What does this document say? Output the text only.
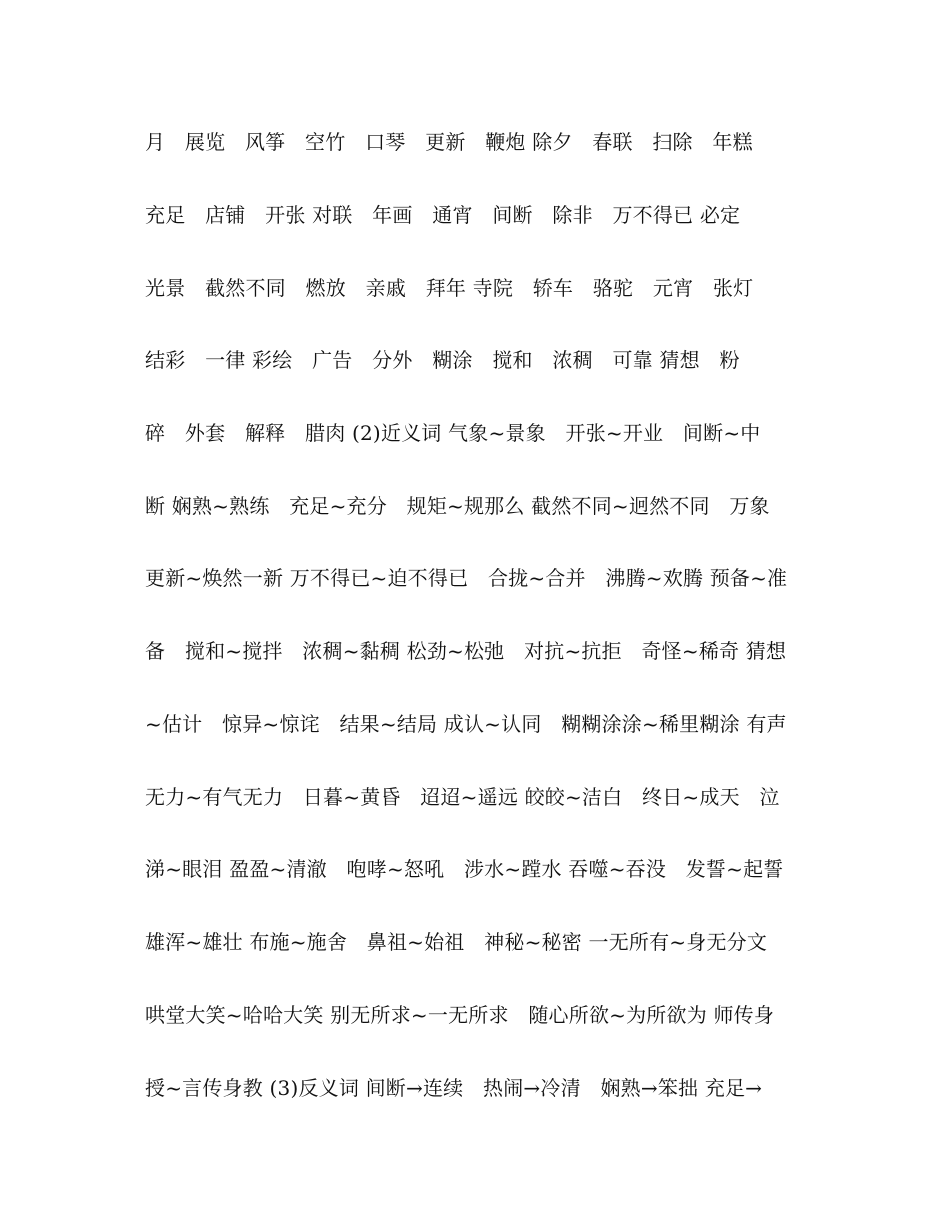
月   展览   风筝   空竹   口琴   更新   鞭炮 除夕   春联   扫除   年糕
充足   店铺   开张 对联   年画   通宵   间断   除非   万不得已 必定
光景   截然不同   燃放   亲戚   拜年 寺院   轿车   骆驼   元宵   张灯
结彩   一律 彩绘   广告   分外   糊涂   搅和   浓稠   可靠 猜想   粉
碎   外套   解释   腊肉 (2)近义词 气象~景象   开张~开业   间断~中
断 娴熟~熟练   充足~充分   规矩~规那么 截然不同~迥然不同   万象
更新~焕然一新 万不得已~迫不得已   合拢~合并   沸腾~欢腾 预备~准
备   搅和~搅拌   浓稠~黏稠 松劲~松弛   对抗~抗拒   奇怪~稀奇 猜想
~估计   惊异~惊诧   结果~结局 成认~认同   糊糊涂涂~稀里糊涂 有声
无力~有气无力   日暮~黄昏   迢迢~遥远 皎皎~洁白   终日~成天   泣
涕~眼泪 盈盈~清澈   咆哮~怒吼   涉水~蹚水 吞噬~吞没   发誓~起誓
雄浑~雄壮 布施~施舍   鼻祖~始祖   神秘~秘密 一无所有~身无分文
哄堂大笑~哈哈大笑 别无所求~一无所求   随心所欲~为所欲为 师传身
授~言传身教 (3)反义词 间断→连续   热闹→冷清   娴熟→笨拙 充足→
